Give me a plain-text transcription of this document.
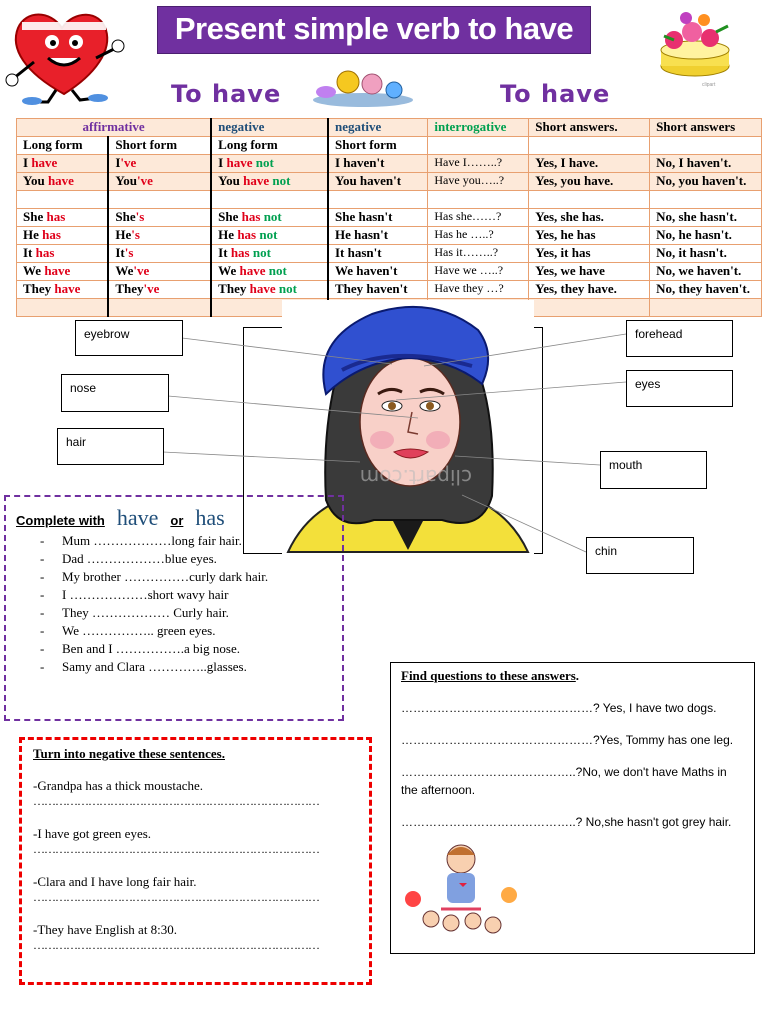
Present simple verb to have
clipart
To have	To have
affirmative		negative	negative	interrogative	Short answers.	Short answers
Long form	Short form	Long form	Short form			
I have	I've	I have not	I haven't	Have I……..?	Yes, I have.	No, I haven't.
You have	You've	You have not	You haven't	Have you…..?	Yes, you have.	No, you haven't.

She has	She's	She has not	She hasn't	Has she……?	Yes, she has.	No, she hasn't.
He has	He's	He has not	He hasn't	Has he …..?	Yes, he has	No, he hasn't.
It has	It's	It has not	It hasn't	Has it……..?	Yes, it has	No, it hasn't.
We have	We've	We have not	We haven't	Have we …..?	Yes, we have	No, we haven't.
They have	They've	They have not	They haven't	Have they …?	Yes, they have.	No, they haven't.

clipart.com
eyebrow
nose
hair
forehead
eyes
mouth
chin
Complete with have or has
- Mum ………………long fair hair.
- Dad ………………blue eyes.
- My brother ……………curly dark hair.
- I ………………short wavy hair
- They ……………… Curly hair.
- We …………….. green eyes.
- Ben and I …………….a big nose.
- Samy and Clara …………..glasses.
Turn into negative these sentences.
-Grandpa has a thick moustache.
……………………………………………………………………
-I have got green eyes.
……………………………………………………………………
-Clara and I have long fair hair.
……………………………………………………………………
-They have English at 8:30.
……………………………………………………………………
Find questions to these answers.
…………………………………………? Yes, I have two dogs.
…………………………………………?Yes, Tommy has one leg.
……………………………………..?No, we don't have Maths in the afternoon.
……………………………………..? No,she hasn't got grey hair.
